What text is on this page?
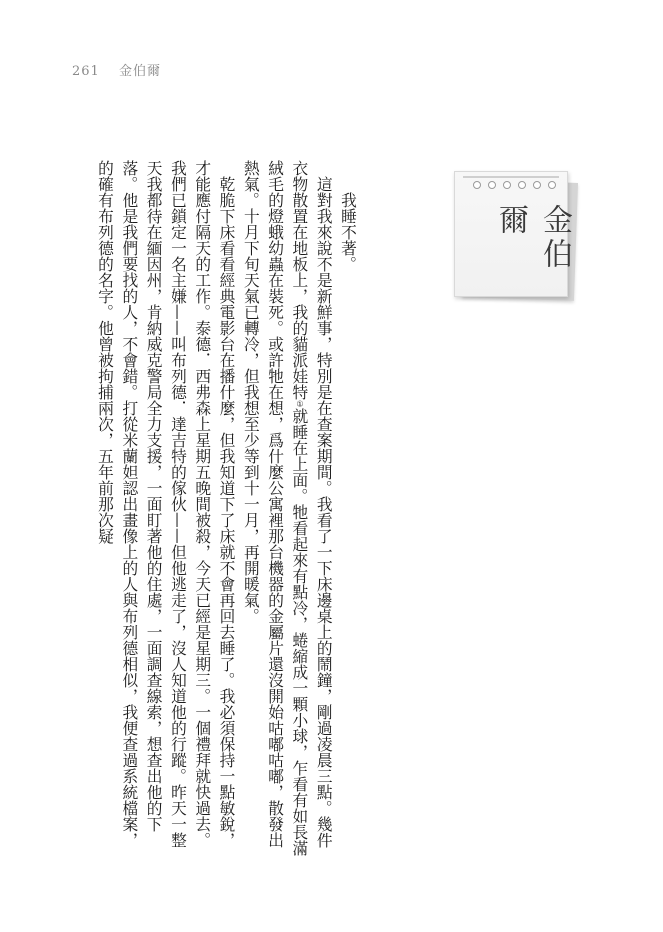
261 金伯爾
金伯爾

我睡不著。

這對我來說不是新鮮事，特別是在查案期間。我看了一下床邊桌上的鬧鐘，剛過凌晨三點。幾件衣物散置在地板上，我的貓派娃特①就睡在上面。牠看起來有點冷，蜷縮成一顆小球，乍看有如長滿絨毛的燈蛾幼蟲在裝死。或許牠在想，爲什麼公寓裡那台機器的金屬片還沒開始咕嘟咕嘟，散發出熱氣。十月下旬天氣已轉冷，但我想至少等到十一月，再開暖氣。

乾脆下床看看經典電影台在播什麼，但我知道下了床就不會再回去睡了。我必須保持一點敏銳，才能應付隔天的工作。泰德．西弗森上星期五晚間被殺，今天已經是星期三。一個禮拜就快過去。我們已鎖定一名主嫌——叫布列德．達吉特的傢伙——但他逃走了，沒人知道他的行蹤。昨天一整天我都待在緬因州，肯納威克警局全力支援，一面盯著他的住處，一面調查線索，想查出他的下落。他是我們要找的人，不會錯。打從米蘭妲認出畫像上的人與布列德相似，我便查過系統檔案，的確有布列德的名字。他曾被拘捕兩次，五年前那次疑
